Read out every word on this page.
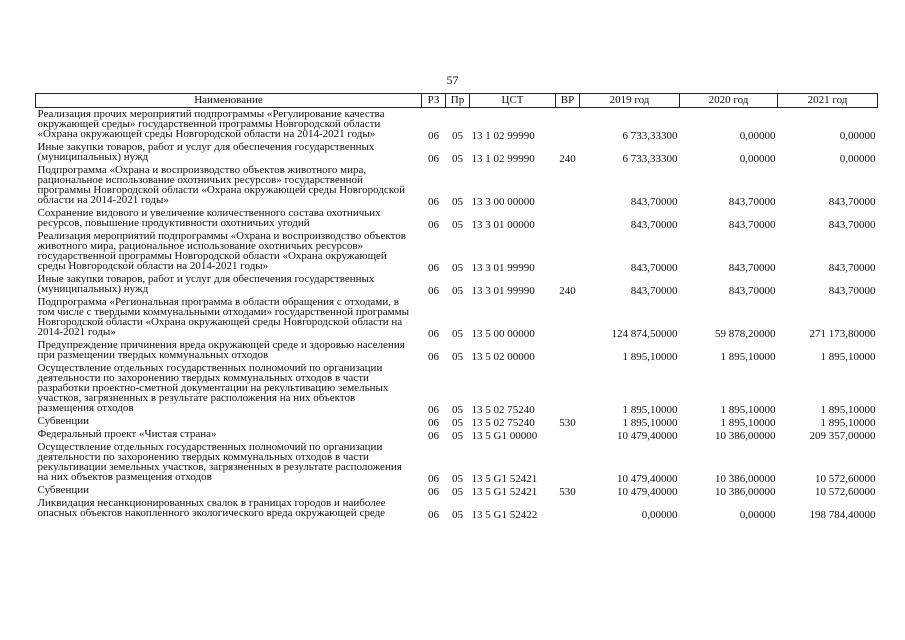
57
Наименование	РЗ	Пр	ЦСТ	ВР	2019 год	2020 год	2021 год
Реализация прочих мероприятий подпрограммы «Регулирование качества окружающей среды» государственной программы Новгородской области «Охрана окружающей среды Новгородской области на 2014-2021 годы»	06	05	13 1 02 99990		6 733,33300	0,00000	0,00000
Иные закупки товаров, работ и услуг для обеспечения государственных (муниципальных) нужд	06	05	13 1 02 99990	240	6 733,33300	0,00000	0,00000
Подпрограмма «Охрана и воспроизводство объектов животного мира, рациональное использование охотничьих ресурсов» государственной программы Новгородской области «Охрана окружающей среды Новгородской области на 2014-2021 годы»	06	05	13 3 00 00000		843,70000	843,70000	843,70000
Сохранение видового и увеличение количественного состава охотничьих ресурсов, повышение продуктивности охотничьих угодий	06	05	13 3 01 00000		843,70000	843,70000	843,70000
Реализация мероприятий подпрограммы «Охрана и воспроизводство объектов животного мира, рациональное использование охотничьих ресурсов» государственной программы Новгородской области «Охрана окружающей среды Новгородской области на 2014-2021 годы»	06	05	13 3 01 99990		843,70000	843,70000	843,70000
Иные закупки товаров, работ и услуг для обеспечения государственных (муниципальных) нужд	06	05	13 3 01 99990	240	843,70000	843,70000	843,70000
Подпрограмма «Региональная программа в области обращения с отходами, в том числе с твердыми коммунальными отходами» государственной программы Новгородской области «Охрана окружающей среды Новгородской области на 2014-2021 годы»	06	05	13 5 00 00000		124 874,50000	59 878,20000	271 173,80000
Предупреждение причинения вреда окружающей среде и здоровью населения при размещении твердых коммунальных отходов	06	05	13 5 02 00000		1 895,10000	1 895,10000	1 895,10000
Осуществление отдельных государственных полномочий по организации деятельности по захоронению твердых коммунальных отходов в части разработки проектно-сметной документации на рекультивацию земельных участков, загрязненных в результате расположения на них объектов размещения отходов	06	05	13 5 02 75240		1 895,10000	1 895,10000	1 895,10000
Субвенции	06	05	13 5 02 75240	530	1 895,10000	1 895,10000	1 895,10000
Федеральный проект «Чистая страна»	06	05	13 5 G1 00000		10 479,40000	10 386,00000	209 357,00000
Осуществление отдельных государственных полномочий по организации деятельности по захоронению твердых коммунальных отходов в части рекультивации земельных участков, загрязненных в результате расположения на них объектов размещения отходов	06	05	13 5 G1 52421		10 479,40000	10 386,00000	10 572,60000
Субвенции	06	05	13 5 G1 52421	530	10 479,40000	10 386,00000	10 572,60000
Ликвидация несанкционированных свалок в границах городов и наиболее опасных объектов накопленного экологического вреда окружающей среде	06	05	13 5 G1 52422		0,00000	0,00000	198 784,40000
